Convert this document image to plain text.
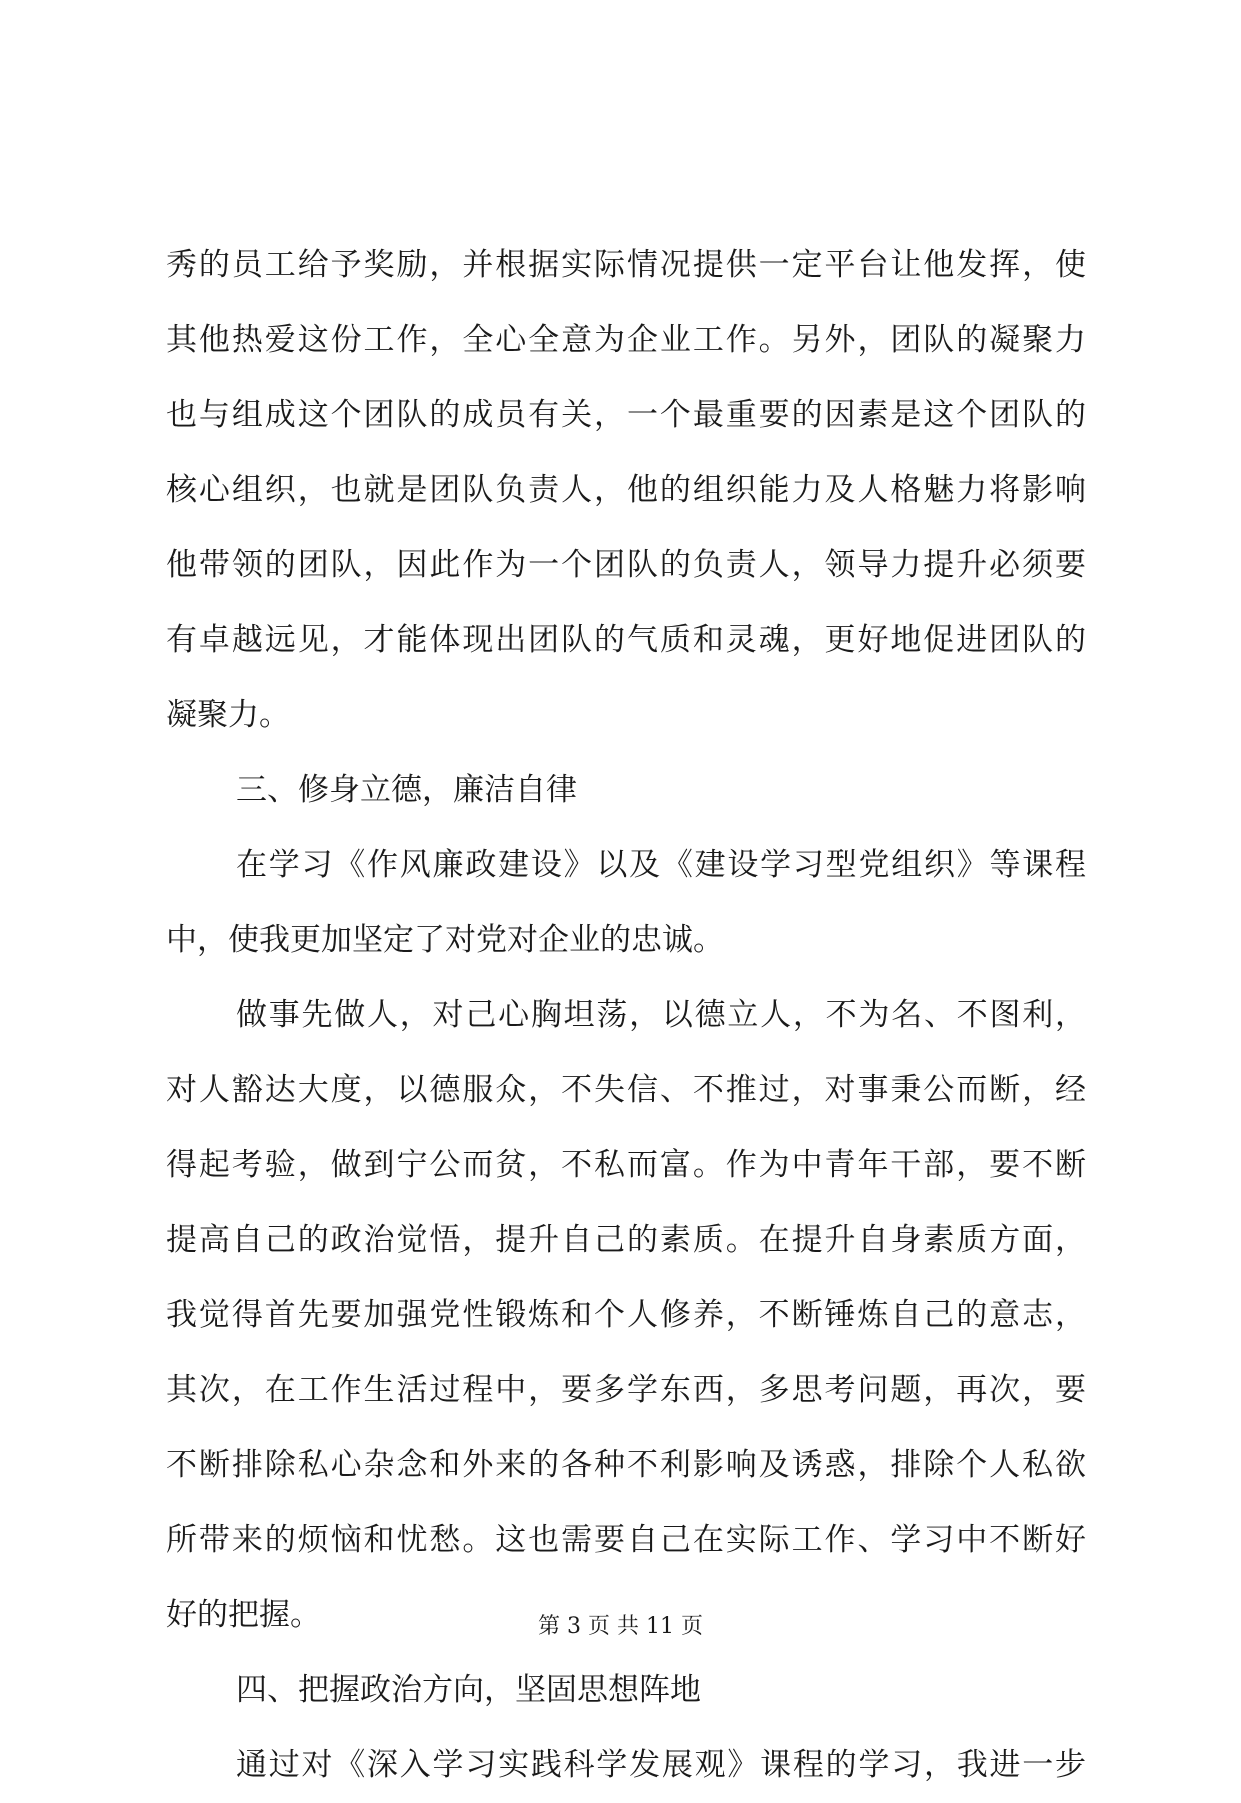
秀的员工给予奖励，并根据实际情况提供一定平台让他发挥，使
其他热爱这份工作，全心全意为企业工作。另外，团队的凝聚力
也与组成这个团队的成员有关，一个最重要的因素是这个团队的
核心组织，也就是团队负责人，他的组织能力及人格魅力将影响
他带领的团队，因此作为一个团队的负责人，领导力提升必须要
有卓越远见，才能体现出团队的气质和灵魂，更好地促进团队的
凝聚力。
三、修身立德，廉洁自律
在学习《作风廉政建设》以及《建设学习型党组织》等课程
中，使我更加坚定了对党对企业的忠诚。
做事先做人，对己心胸坦荡，以德立人，不为名、不图利，
对人豁达大度，以德服众，不失信、不推过，对事秉公而断，经
得起考验，做到宁公而贫，不私而富。作为中青年干部，要不断
提高自己的政治觉悟，提升自己的素质。在提升自身素质方面，
我觉得首先要加强党性锻炼和个人修养，不断锤炼自己的意志，
其次，在工作生活过程中，要多学东西，多思考问题，再次，要
不断排除私心杂念和外来的各种不利影响及诱惑，排除个人私欲
所带来的烦恼和忧愁。这也需要自己在实际工作、学习中不断好
好的把握。
四、把握政治方向，坚固思想阵地
通过对《深入学习实践科学发展观》课程的学习，我进一步
第 3 页 共 11 页
